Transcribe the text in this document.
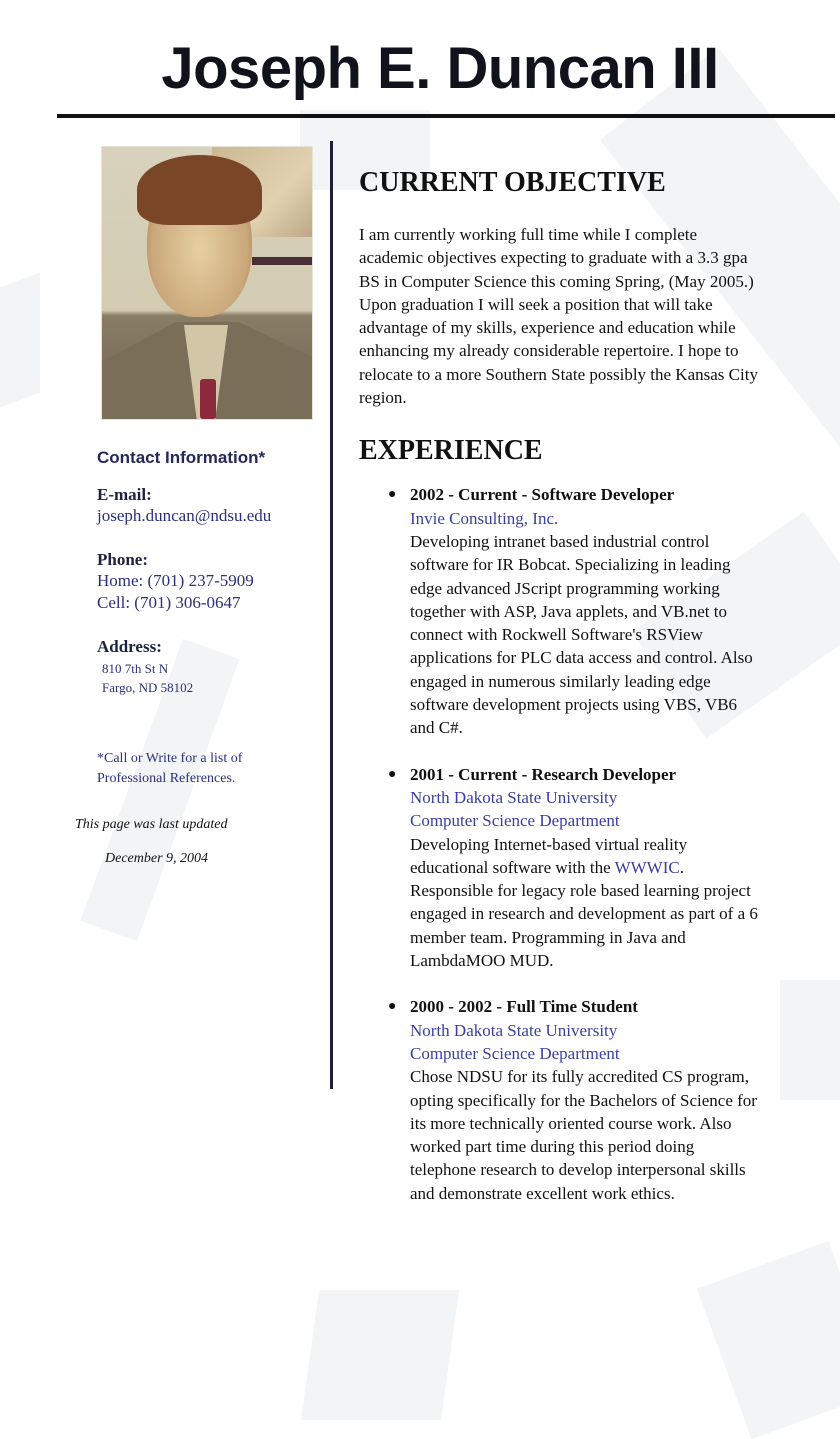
Joseph E. Duncan III
Contact Information*
E-mail:
joseph.duncan@ndsu.edu
Phone:
Home: (701) 237-5909
Cell: (701) 306-0647
Address:
810 7th St N
Fargo, ND 58102
*Call or Write for a list of
Professional References.
This page was last updated
December 9, 2004
CURRENT OBJECTIVE
I am currently working full time while I complete academic objectives expecting to graduate with a 3.3 gpa BS in Computer Science this coming Spring, (May 2005.) Upon graduation I will seek a position that will take advantage of my skills, experience and education while enhancing my already considerable repertoire. I hope to relocate to a more Southern State possibly the Kansas City region.
EXPERIENCE
● 2002 - Current - Software Developer
Invie Consulting, Inc.
Developing intranet based industrial control software for IR Bobcat. Specializing in leading edge advanced JScript programming working together with ASP, Java applets, and VB.net to connect with Rockwell Software's RSView applications for PLC data access and control. Also engaged in numerous similarly leading edge software development projects using VBS, VB6 and C#.
● 2001 - Current - Research Developer
North Dakota State University
Computer Science Department
Developing Internet-based virtual reality educational software with the WWWIC. Responsible for legacy role based learning project engaged in research and development as part of a 6 member team. Programming in Java and LambdaMOO MUD.
● 2000 - 2002 - Full Time Student
North Dakota State University
Computer Science Department
Chose NDSU for its fully accredited CS program, opting specifically for the Bachelors of Science for its more technically oriented course work. Also worked part time during this period doing telephone research to develop interpersonal skills and demonstrate excellent work ethics.
